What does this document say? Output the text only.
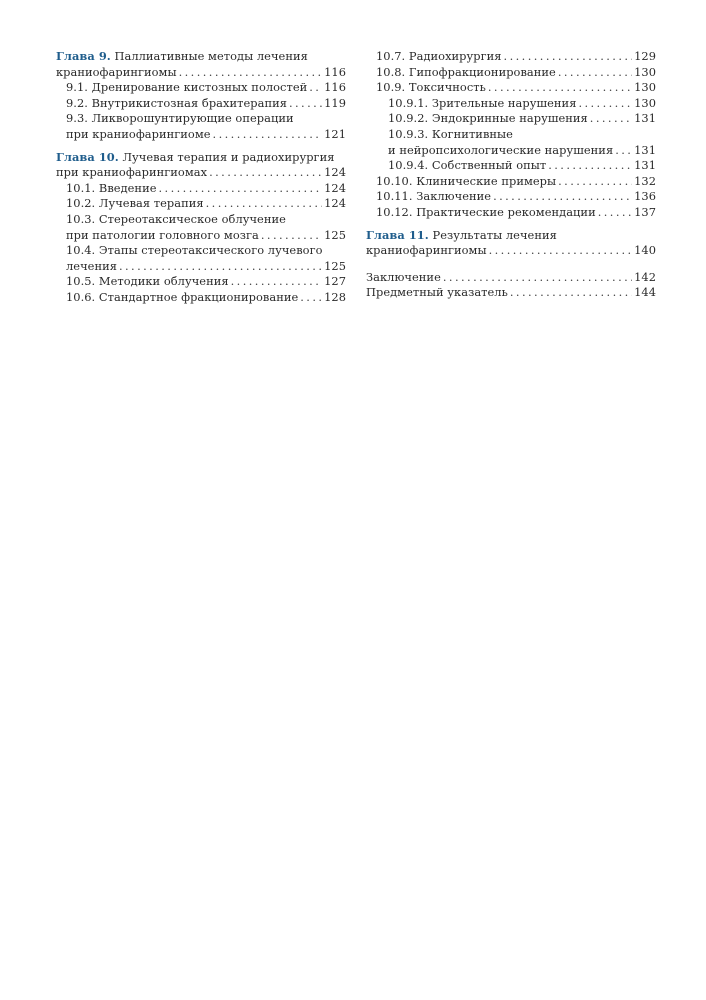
Глава 9.
Паллиативные методы лечения
краниофарингиомы . . .	116
9.1. Дренирование кистозных полостей . . . 116
9.2. Внутрикистозная брахитерапия . . .	119
9.3. Ликворошунтирующие операции
при краниофарингиоме . . .	121
Глава 10.
Лучевая терапия и радиохирургия
при краниофарингиомах . . .	124
10.1. Введение . . .	124
10.2. Лучевая терапия . . .	124
10.3. Стереотаксическое облучение
при патологии головного мозга . . .	125
10.4. Этапы стереотаксического лучевого
лечения . . .	125
10.5. Методики облучения . . .	127
10.6. Стандартное фракционирование . . . 128
10.7. Радиохирургия . . .	129
10.8. Гипофракционирование . . .	130
10.9. Токсичность . . .	130
10.9.1. Зрительные нарушения . . .	130
10.9.2. Эндокринные нарушения . . .	131
10.9.3. Когнитивные
и нейропсихологические нарушения . . . 131
10.9.4. Собственный опыт . . .	131
10.10. Клинические примеры . . .	132
10.11. Заключение . . .	136
10.12. Практические рекомендации . . .	137
Глава 11.
Результаты лечения
краниофарингиомы . . .	140
Заключение . . .	142
Предметный указатель . . .	144
